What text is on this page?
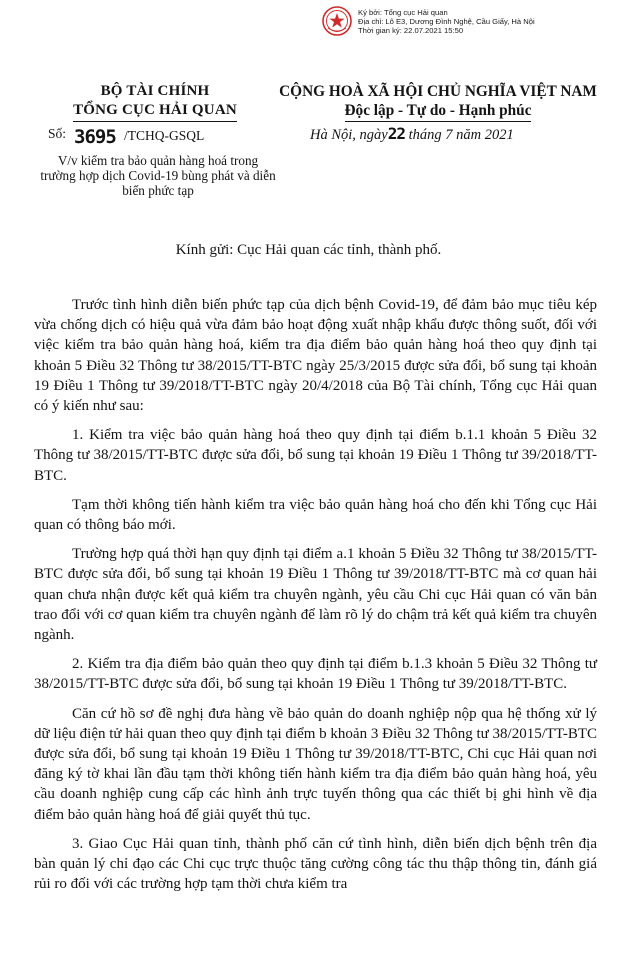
Ký bởi: Tổng cục Hải quan
Địa chỉ: Lô E3, Dương Đình Nghệ, Cầu Giấy, Hà Nội
Thời gian ký: 22.07.2021 15:50
BỘ TÀI CHÍNH
TỔNG CỤC HẢI QUAN
Số: 3695 /TCHQ-GSQL
V/v kiểm tra bảo quản hàng hoá trong trường hợp dịch Covid-19 bùng phát và diễn biến phức tạp
CỘNG HOÀ XÃ HỘI CHỦ NGHĨA VIỆT NAM
Độc lập - Tự do - Hạnh phúc
Hà Nội, ngày22 tháng 7 năm 2021
Kính gửi: Cục Hải quan các tỉnh, thành phố.

Trước tình hình diễn biến phức tạp của dịch bệnh Covid-19, để đảm bảo mục tiêu kép vừa chống dịch có hiệu quả vừa đảm bảo hoạt động xuất nhập khẩu được thông suốt, đối với việc kiểm tra bảo quản hàng hoá, kiểm tra địa điểm bảo quản hàng hoá theo quy định tại khoản 5 Điều 32 Thông tư 38/2015/TT-BTC ngày 25/3/2015 được sửa đổi, bổ sung tại khoản 19 Điều 1 Thông tư 39/2018/TT-BTC ngày 20/4/2018 của Bộ Tài chính, Tổng cục Hải quan có ý kiến như sau:

1. Kiểm tra việc bảo quản hàng hoá theo quy định tại điểm b.1.1 khoản 5 Điều 32 Thông tư 38/2015/TT-BTC được sửa đổi, bổ sung tại khoản 19 Điều 1 Thông tư 39/2018/TT-BTC.

Tạm thời không tiến hành kiểm tra việc bảo quản hàng hoá cho đến khi Tổng cục Hải quan có thông báo mới.

Trường hợp quá thời hạn quy định tại điểm a.1 khoản 5 Điều 32 Thông tư 38/2015/TT-BTC được sửa đổi, bổ sung tại khoản 19 Điều 1 Thông tư 39/2018/TT-BTC mà cơ quan hải quan chưa nhận được kết quả kiểm tra chuyên ngành, yêu cầu Chi cục Hải quan có văn bản trao đổi với cơ quan kiểm tra chuyên ngành để làm rõ lý do chậm trả kết quả kiểm tra chuyên ngành.

2. Kiểm tra địa điểm bảo quản theo quy định tại điểm b.1.3 khoản 5 Điều 32 Thông tư 38/2015/TT-BTC được sửa đổi, bổ sung tại khoản 19 Điều 1 Thông tư 39/2018/TT-BTC.

Căn cứ hồ sơ đề nghị đưa hàng về bảo quản do doanh nghiệp nộp qua hệ thống xử lý dữ liệu điện tử hải quan theo quy định tại điểm b khoản 3 Điều 32 Thông tư 38/2015/TT-BTC được sửa đổi, bổ sung tại khoản 19 Điều 1 Thông tư 39/2018/TT-BTC, Chi cục Hải quan nơi đăng ký tờ khai lần đầu tạm thời không tiến hành kiểm tra địa điểm bảo quản hàng hoá, yêu cầu doanh nghiệp cung cấp các hình ảnh trực tuyến thông qua các thiết bị ghi hình về địa điểm bảo quản hàng hoá để giải quyết thủ tục.

3. Giao Cục Hải quan tỉnh, thành phố căn cứ tình hình, diễn biến dịch bệnh trên địa bàn quản lý chỉ đạo các Chi cục trực thuộc tăng cường công tác thu thập thông tin, đánh giá rủi ro đối với các trường hợp tạm thời chưa kiểm tra
